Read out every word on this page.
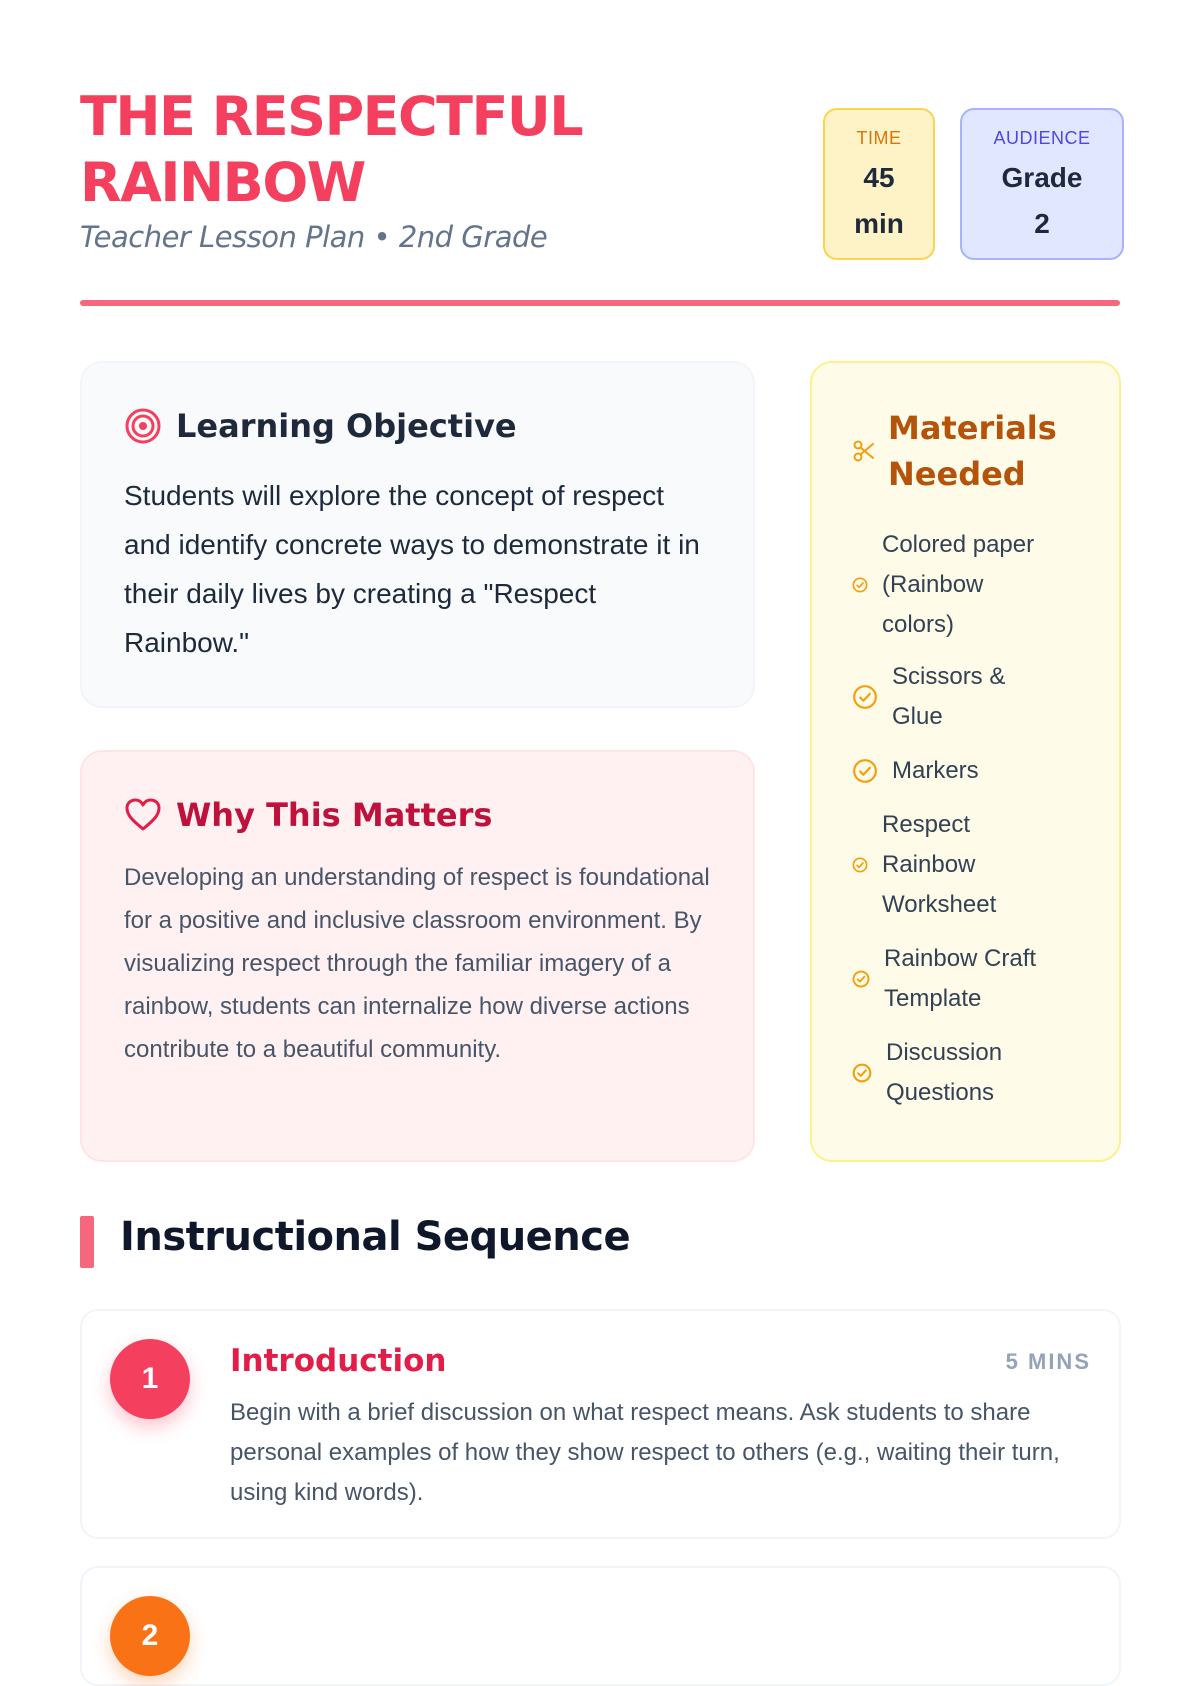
THE RESPECTFUL RAINBOW
Teacher Lesson Plan • 2nd Grade
TIME
45 min
AUDIENCE
Grade 2
Learning Objective

Students will explore the concept of respect and identify concrete ways to demonstrate it in their daily lives by creating a "Respect Rainbow."

Why This Matters

Developing an understanding of respect is foundational for a positive and inclusive classroom environment. By visualizing respect through the familiar imagery of a rainbow, students can internalize how diverse actions contribute to a beautiful community.

Materials Needed
Colored paper (Rainbow colors)
Scissors & Glue
Markers
Respect Rainbow Worksheet
Rainbow Craft Template
Discussion Questions
Instructional Sequence
1	Introduction	5 MINS

Begin with a brief discussion on what respect means. Ask students to share personal examples of how they show respect to others (e.g., waiting their turn, using kind words).

2
